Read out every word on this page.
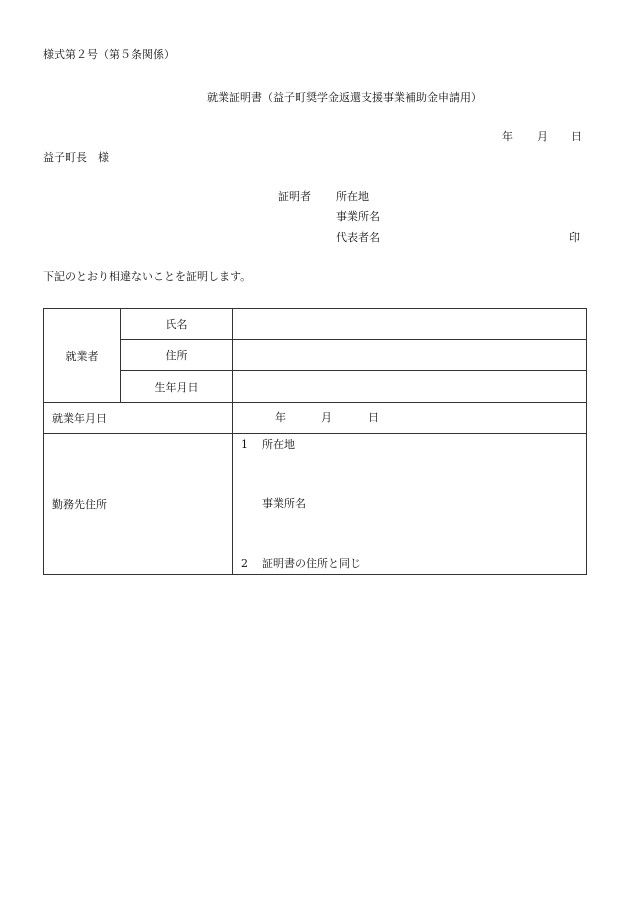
様式第２号（第５条関係）
就業証明書（益子町奨学金返還支援事業補助金申請用）
年 月 日
益子町長　様
証明者 所在地
事業所名
代表者名	印
下記のとおり相違ないことを証明します。
就業者	氏名	
	住所	
	生年月日	
就業年月日		年 月 日

勤務先住所		1 所在地
事業所名
2 証明書の住所と同じ
